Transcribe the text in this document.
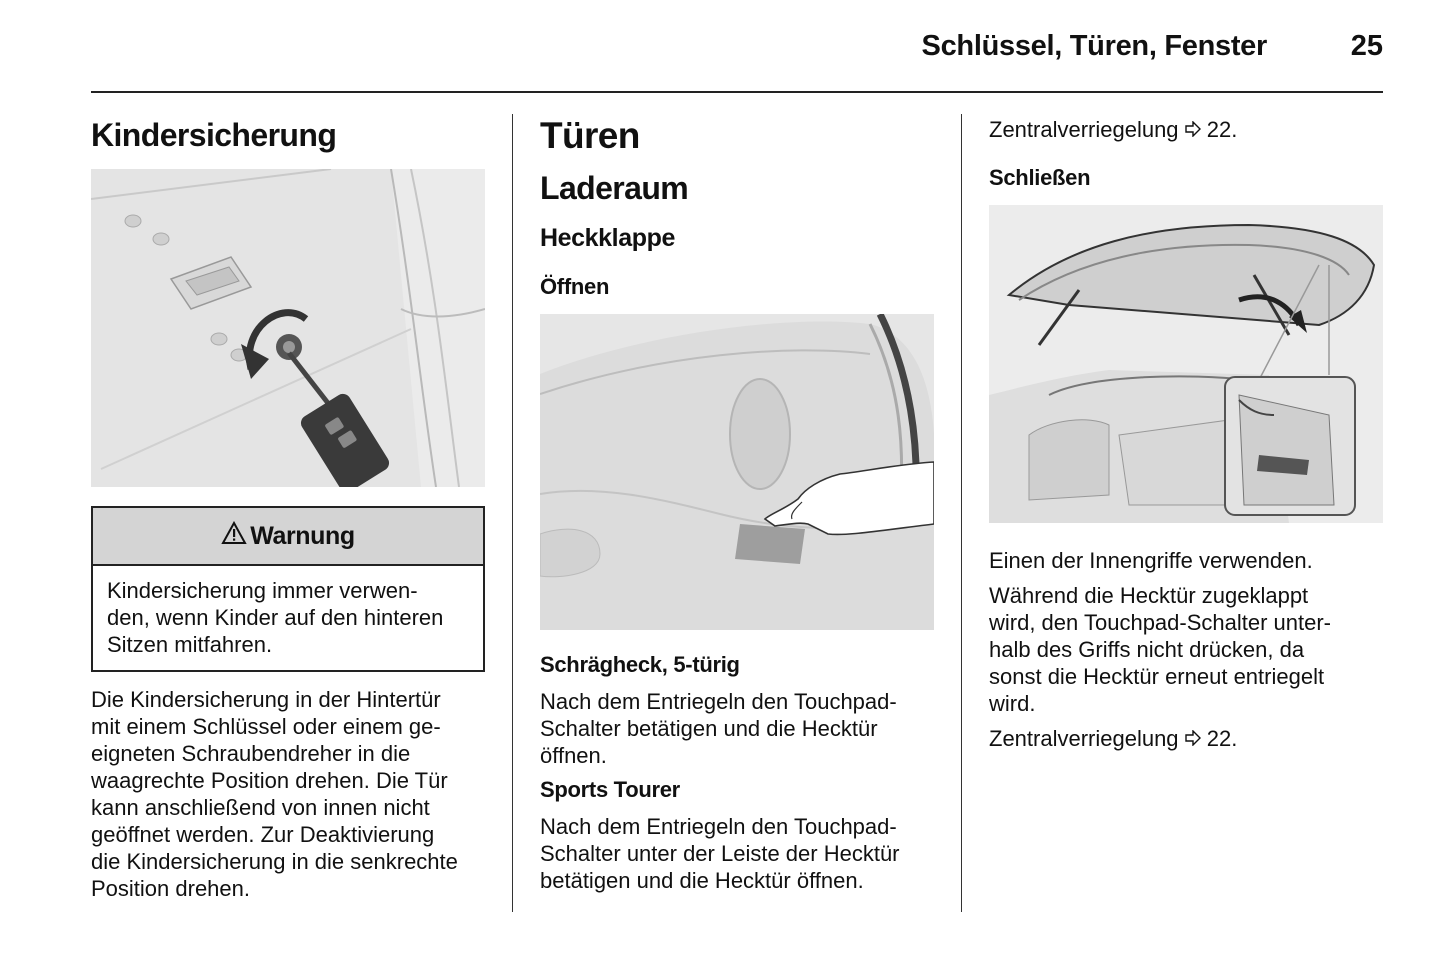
Schlüssel, Türen, Fenster	25
Kindersicherung
Warnung
Kindersicherung immer verwen-
den, wenn Kinder auf den hinteren
Sitzen mitfahren.

Die Kindersicherung in der Hintertür
mit einem Schlüssel oder einem ge-
eigneten Schraubendreher in die
waagrechte Position drehen. Die Tür
kann anschließend von innen nicht
geöffnet werden. Zur Deaktivierung
die Kindersicherung in die senkrechte
Position drehen.

Türen
Laderaum
Heckklappe
Öffnen
Schrägheck, 5-türig

Nach dem Entriegeln den Touchpad-
Schalter betätigen und die Hecktür
öffnen.

Sports Tourer

Nach dem Entriegeln den Touchpad-
Schalter unter der Leiste der Hecktür
betätigen und die Hecktür öffnen.

Zentralverriegelung 22.

Schließen

Einen der Innengriffe verwenden.

Während die Hecktür zugeklappt
wird, den Touchpad-Schalter unter-
halb des Griffs nicht drücken, da
sonst die Hecktür erneut entriegelt
wird.

Zentralverriegelung 22.
